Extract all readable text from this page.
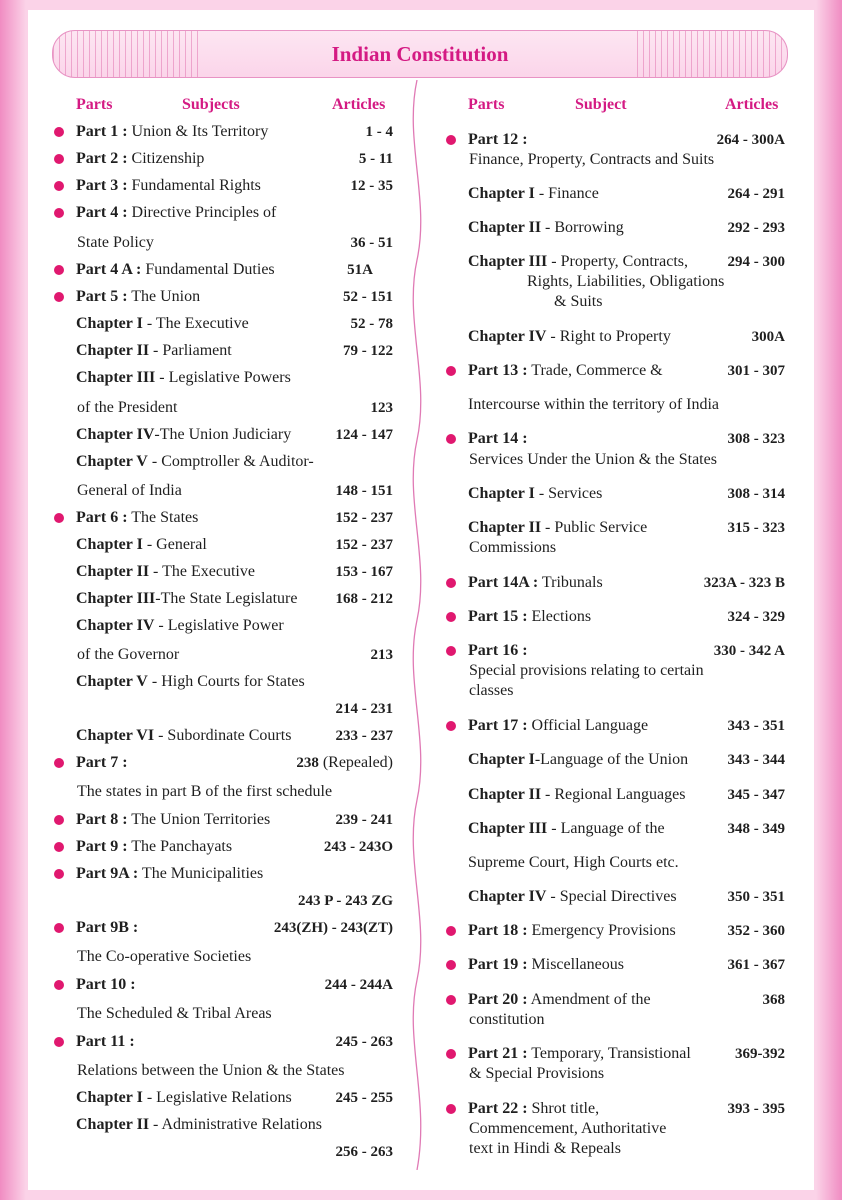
Indian Constitution
Parts	Subjects	Articles
Part 1 : Union & Its Territory	1 - 4
Part 2 : Citizenship	5 - 11
Part 3 : Fundamental Rights	12 - 35
Part 4 : Directive Principles of
State Policy	36 - 51
Part 4 A : Fundamental Duties	51A
Part 5 : The Union	52 - 151
Chapter I - The Executive	52 - 78
Chapter II - Parliament	79 - 122
Chapter III - Legislative Powers
of the President	123
Chapter IV-The Union Judiciary	124 - 147
Chapter V - Comptroller & Auditor-
General of India	148 - 151
Part 6 : The States	152 - 237
Chapter I - General	152 - 237
Chapter II - The Executive	153 - 167
Chapter III-The State Legislature	168 - 212
Chapter IV - Legislative Power
of the Governor	213
Chapter V - High Courts for States
214 - 231
Chapter VI - Subordinate Courts	233 - 237
Part 7 :	238 (Repealed)
The states in part B of the first schedule
Part 8 : The Union Territories	239 - 241
Part 9 : The Panchayats	243 - 243O
Part 9A : The Municipalities
243 P - 243 ZG
Part 9B :	243(ZH) - 243(ZT)
The Co-operative Societies
Part 10 :	244 - 244A
The Scheduled & Tribal Areas
Part 11 :	245 - 263
Relations between the Union & the States
Chapter I - Legislative Relations	245 - 255
Chapter II - Administrative Relations
256 - 263
Parts	Subject	Articles
Part 12 :	264 - 300A
Finance, Property, Contracts and Suits
Chapter I - Finance	264 - 291
Chapter II - Borrowing	292 - 293
Chapter III - Property, Contracts,	294 - 300
Rights, Liabilities, Obligations
& Suits
Chapter IV - Right to Property	300A
Part 13 : Trade, Commerce &	301 - 307
Intercourse within the territory of India
Part 14 :	308 - 323
Services Under the Union & the States
Chapter I - Services	308 - 314
Chapter II - Public Service	315 - 323
Commissions
Part 14A : Tribunals	323A - 323 B
Part 15 : Elections	324 - 329
Part 16 :	330 - 342 A
Special provisions relating to certain
classes
Part 17 : Official Language	343 - 351
Chapter I-Language of the Union	343 - 344
Chapter II - Regional Languages	345 - 347
Chapter III - Language of the	348 - 349
Supreme Court, High Courts etc.
Chapter IV - Special Directives	350 - 351
Part 18 : Emergency Provisions	352 - 360
Part 19 : Miscellaneous	361 - 367
Part 20 : Amendment of the	368
constitution
Part 21 : Temporary, Transistional	369-392
& Special Provisions
Part 22 : Shrot title,	393 - 395
Commencement, Authoritative
text in Hindi & Repeals
